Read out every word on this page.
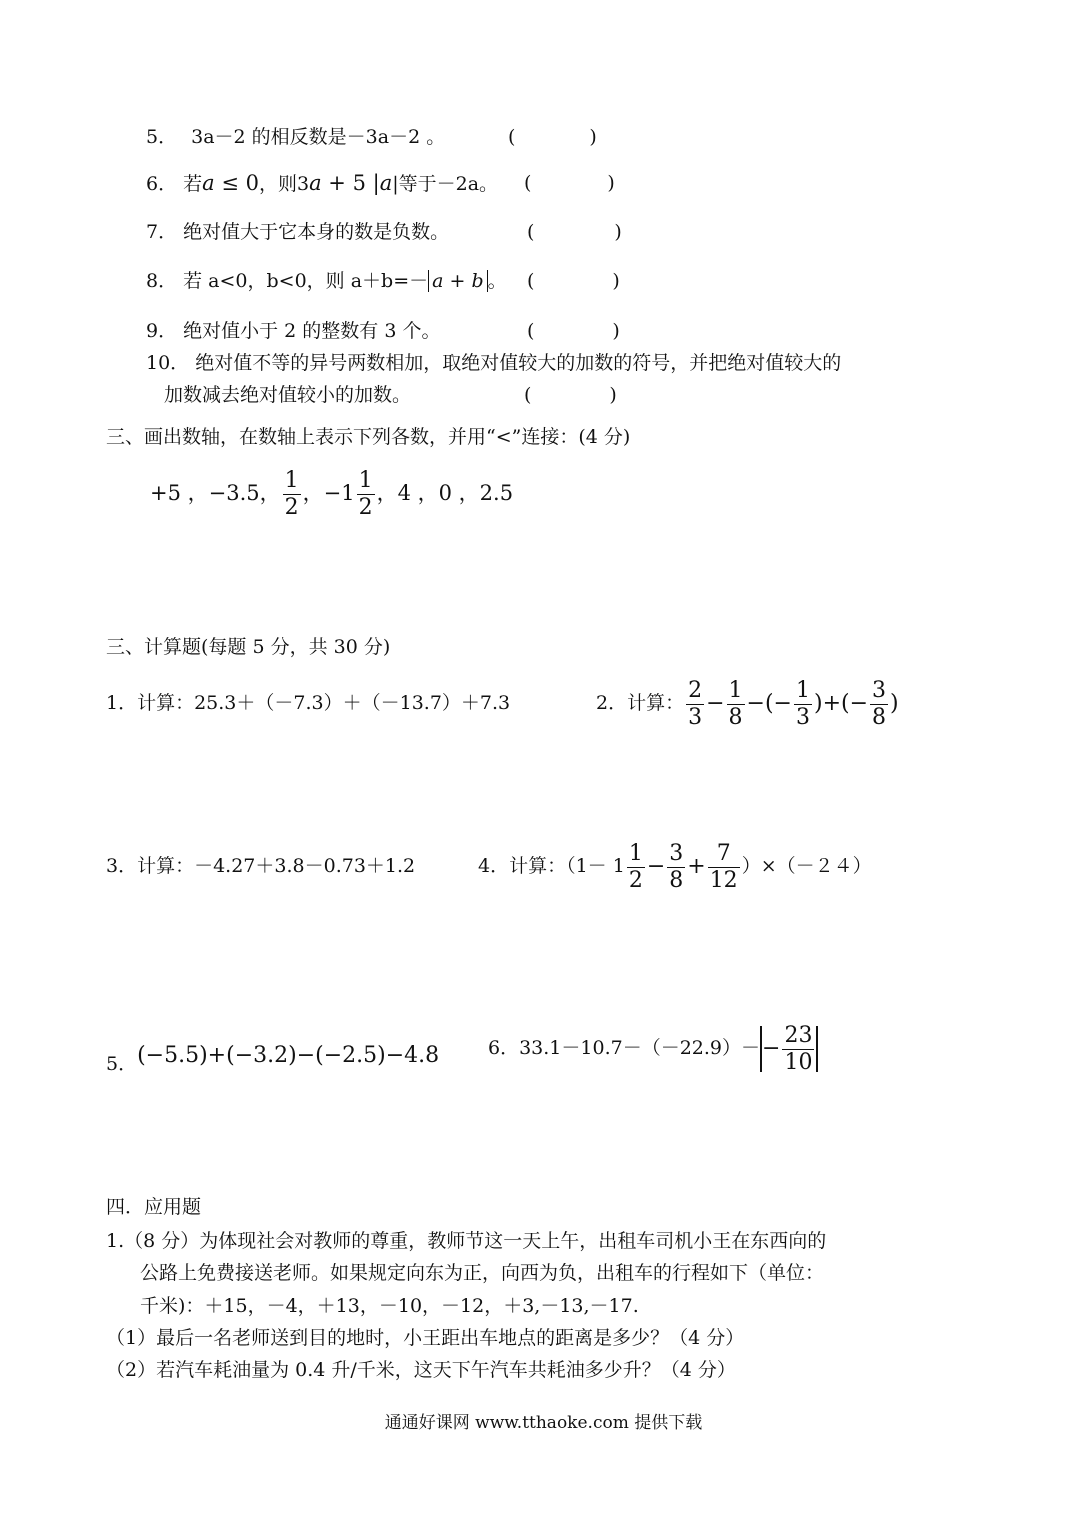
5． 3a－2 的相反数是－3a－2 。	(	)
6． 若a ≤ 0，则3a + 5 |a|等于－2a。 (	)
7． 绝对值大于它本身的数是负数。	(	)
8． 若 a<0，b<0，则 a＋b=－ a + b 。 (	)
9． 绝对值小于 2 的整数有 3 个。	(	)
10． 绝对值不等的异号两数相加，取绝对值较大的加数的符号，并把绝对值较大的
加数减去绝对值较小的加数。	(	)
三、画出数轴，在数轴上表示下列各数，并用“<”连接：(4 分)
+5 ，−3.5， $\frac{1}{2}$ ，$-1 \frac{1}{2}$ ，4 ，0 ，2.5
三、计算题(每题 5 分，共 30 分)
1．计算：25.3＋（－7.3）＋（－13.7）＋7.3	2．计算： $\frac{2}{3} - \frac{1}{8}$ −(− $\frac{1}{3}$ )+(− $\frac{3}{8}$ )
3．计算：－4.27＋3.8－0.73＋1.2	4．计算：$(1- 1 \frac{1}{2} - \frac{3}{8} + \frac{7}{12} )\times(-24)$
5．(−5.5)+(−3.2)−(−2.5)−4.8	6．$33.1-10.7-(-22.9)-- \frac{23}{10}$
四．应用题
1.（8 分）为体现社会对教师的尊重，教师节这一天上午，出租车司机小王在东西向的
公路上免费接送老师。如果规定向东为正，向西为负，出租车的行程如下（单位：
千米)：＋15，－4，＋13，－10，－12，＋3,－13,－17.
（1）最后一名老师送到目的地时，小王距出车地点的距离是多少？（4 分）
（2）若汽车耗油量为 0.4 升/千米，这天下午汽车共耗油多少升？（4 分）
通通好课网 www.tthaoke.com 提供下载
